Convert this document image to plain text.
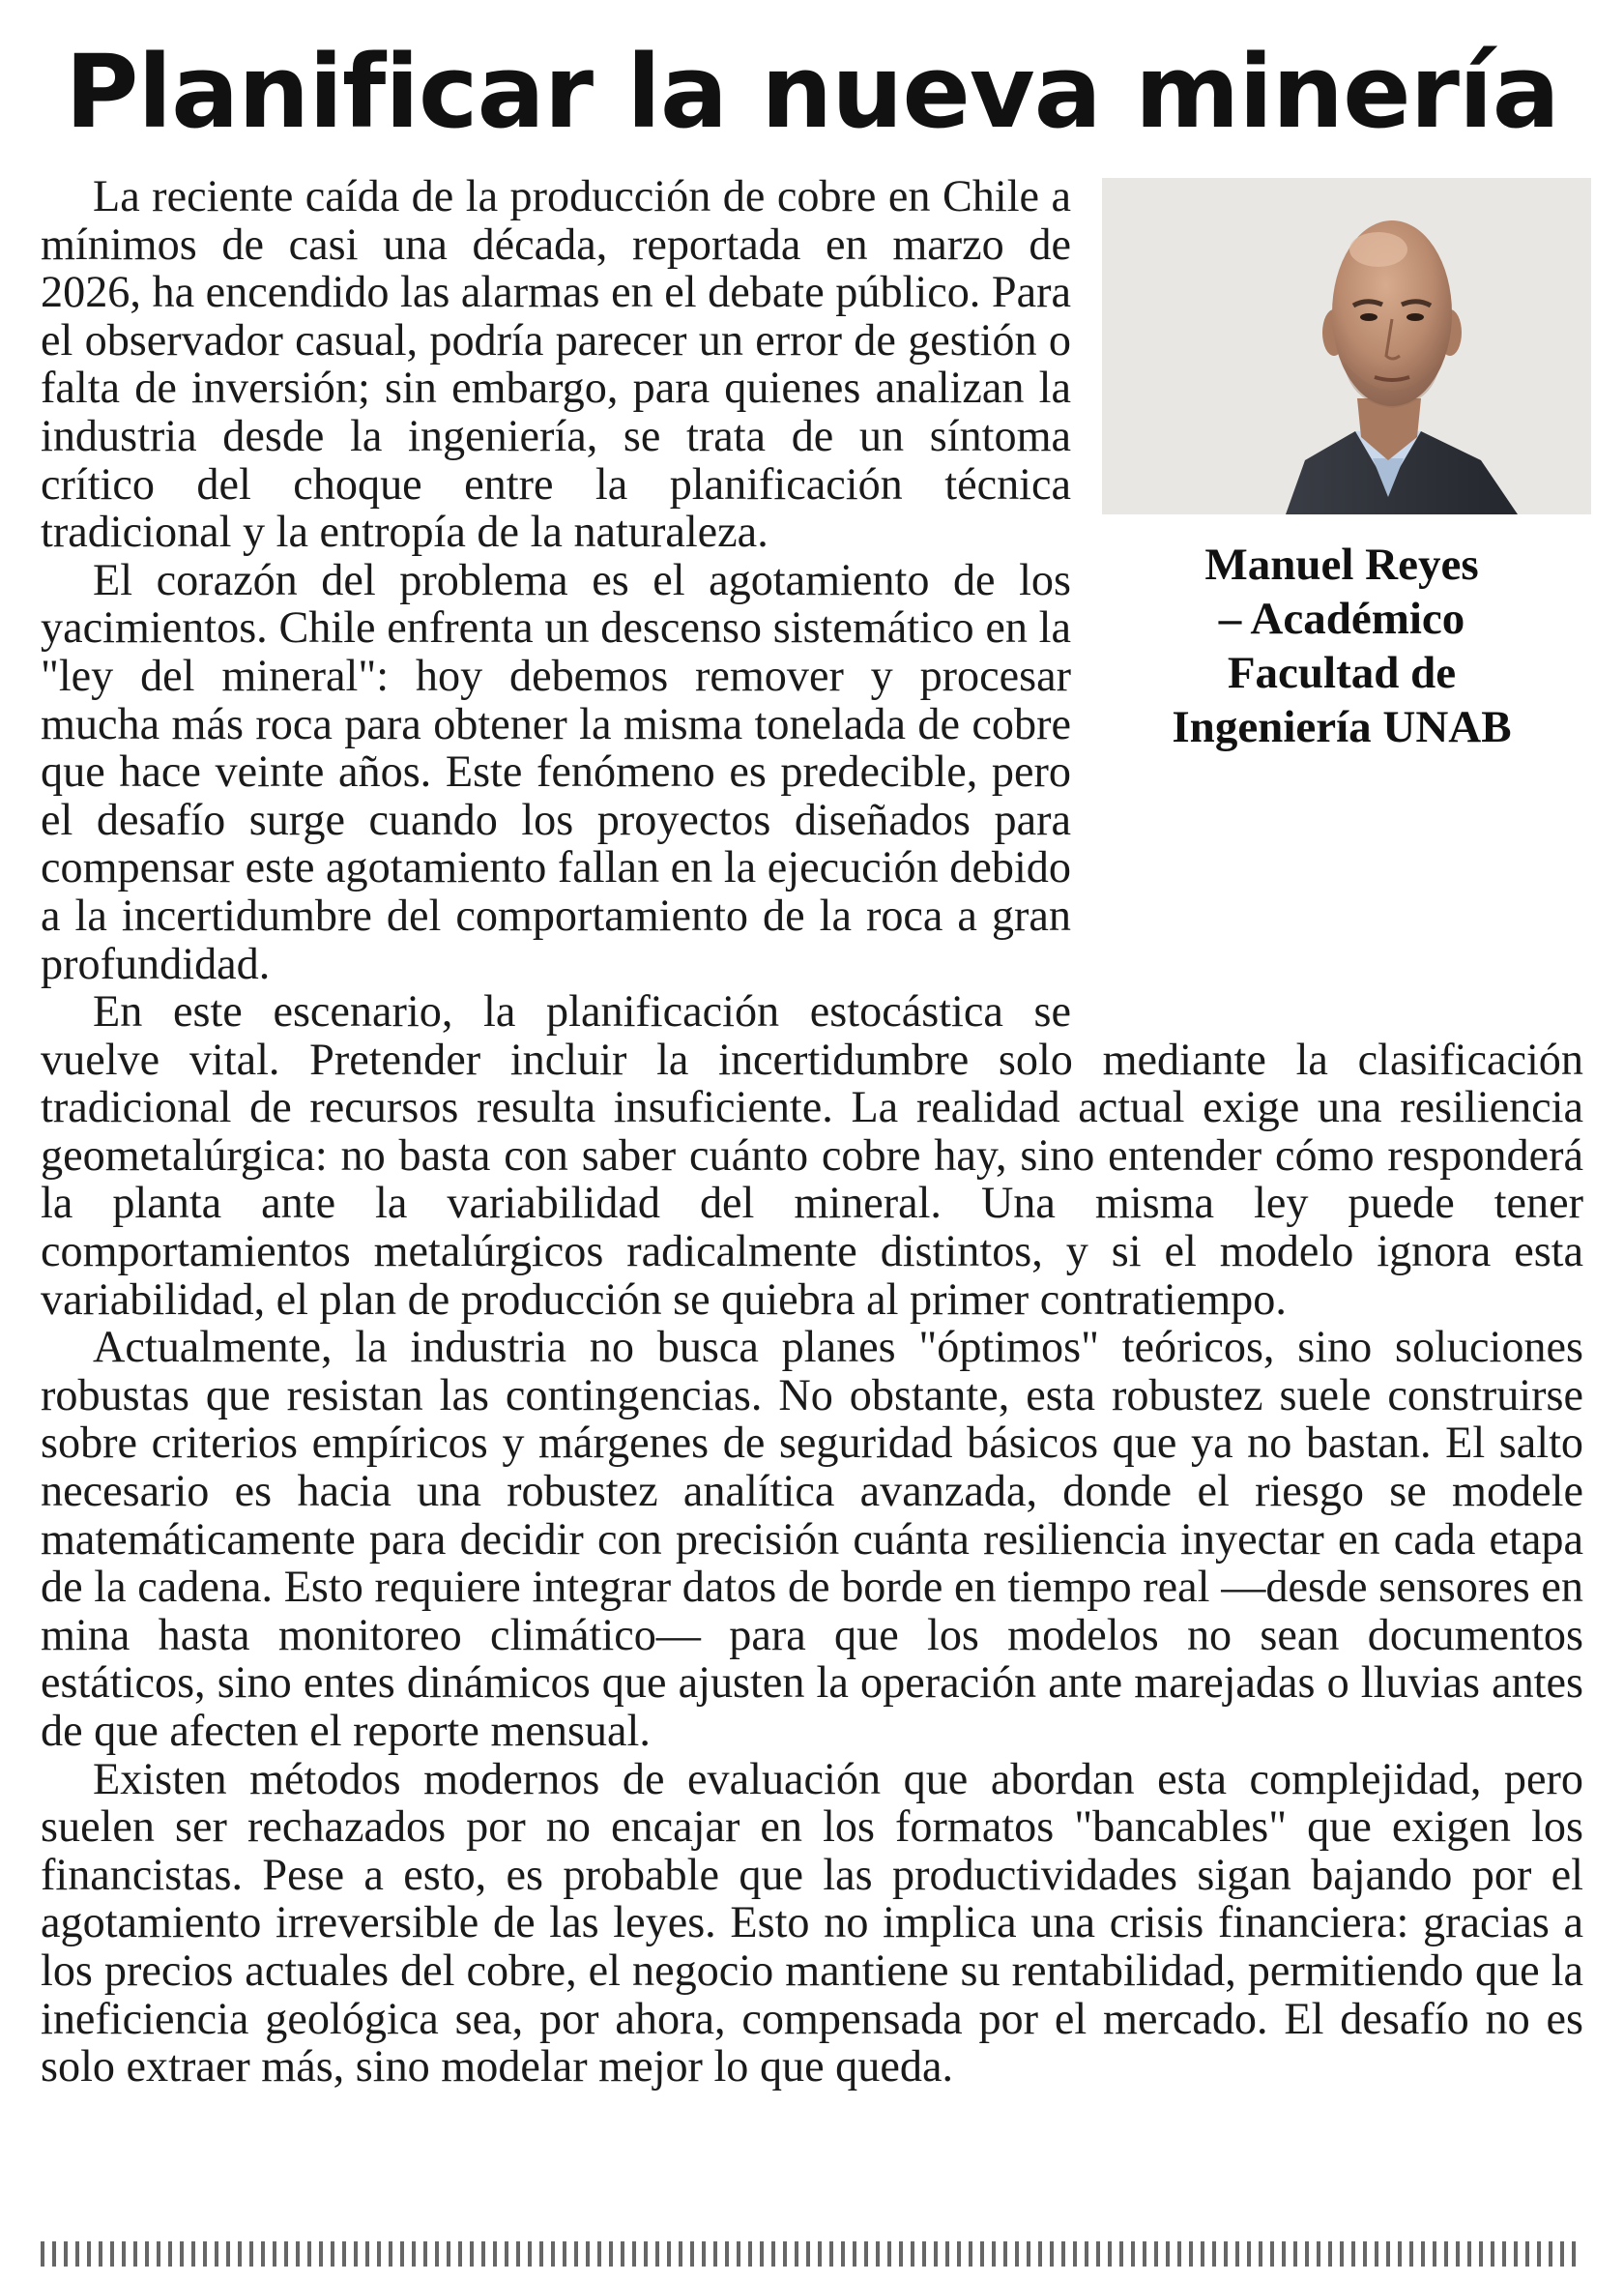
Planificar la nueva minería
Manuel Reyes
– Académico
Facultad de
Ingeniería UNAB

La reciente caída de la producción de cobre en Chile a mínimos de casi una década, reportada en marzo de 2026, ha encendido las alarmas en el debate público. Para el observador casual, podría parecer un error de gestión o falta de inversión; sin embargo, para quienes analizan la industria desde la ingeniería, se trata de un síntoma crítico del choque entre la planificación técnica tradicional y la entropía de la naturaleza.

El corazón del problema es el agotamiento de los yacimientos. Chile enfrenta un descenso sistemático en la "ley del mineral": hoy debemos remover y procesar mucha más roca para obtener la misma tonelada de cobre que hace veinte años. Este fenómeno es predecible, pero el desafío surge cuando los proyectos diseñados para compensar este agotamiento fallan en la ejecución debido a la incertidumbre del comportamiento de la roca a gran profundidad.

En este escenario, la planificación estocástica se vuelve vital. Pretender incluir la incertidumbre solo mediante la clasificación tradicional de recursos resulta insuficiente. La realidad actual exige una resiliencia geometalúrgica: no basta con saber cuánto cobre hay, sino entender cómo responderá la planta ante la variabilidad del mineral. Una misma ley puede tener comportamientos metalúrgicos radicalmente distintos, y si el modelo ignora esta variabilidad, el plan de producción se quiebra al primer contratiempo.

Actualmente, la industria no busca planes "óptimos" teóricos, sino soluciones robustas que resistan las contingencias. No obstante, esta robustez suele construirse sobre criterios empíricos y márgenes de seguridad básicos que ya no bastan. El salto necesario es hacia una robustez analítica avanzada, donde el riesgo se modele matemáticamente para decidir con precisión cuánta resiliencia inyectar en cada etapa de la cadena. Esto requiere integrar datos de borde en tiempo real —desde sensores en mina hasta monitoreo climático— para que los modelos no sean documentos estáticos, sino entes dinámicos que ajusten la operación ante marejadas o lluvias antes de que afecten el reporte mensual.

Existen métodos modernos de evaluación que abordan esta complejidad, pero suelen ser rechazados por no encajar en los formatos "bancables" que exigen los financistas. Pese a esto, es probable que las productividades sigan bajando por el agotamiento irreversible de las leyes. Esto no implica una crisis financiera: gracias a los precios actuales del cobre, el negocio mantiene su rentabilidad, permitiendo que la ineficiencia geológica sea, por ahora, compensada por el mercado. El desafío no es solo extraer más, sino modelar mejor lo que queda.
